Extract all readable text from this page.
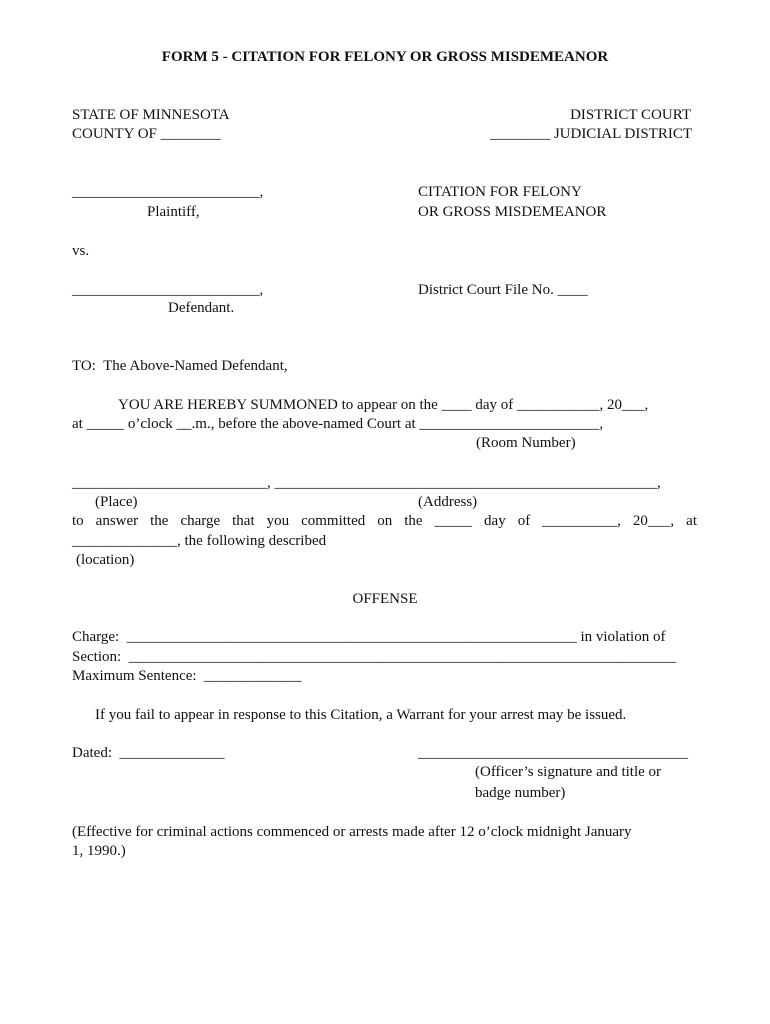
FORM 5 - CITATION FOR FELONY OR GROSS MISDEMEANOR
STATE OF MINNESOTA
COUNTY OF ________
DISTRICT COURT
________ JUDICIAL DISTRICT
_________________________,
Plaintiff,
CITATION FOR FELONY
OR GROSS MISDEMEANOR
vs.
_________________________,
Defendant.
District Court File No. ____
TO:  The Above-Named Defendant,
YOU ARE HEREBY SUMMONED to appear on the ____ day of ___________, 20___,
at _____ o’clock __.m., before the above-named Court at ________________________,
(Room Number)
__________________________, ___________________________________________________,
(Place)	(Address)
to answer the charge that you committed on the _____ day of __________, 20___, at
______________, the following described
(location)
OFFENSE
Charge:  ____________________________________________________________ in violation of
Section:  _________________________________________________________________________
Maximum Sentence:  _____________
If you fail to appear in response to this Citation, a Warrant for your arrest may be issued.
Dated:  ______________	____________________________________
(Officer’s signature and title or
badge number)
(Effective for criminal actions commenced or arrests made after 12 o’clock midnight January
1, 1990.)
